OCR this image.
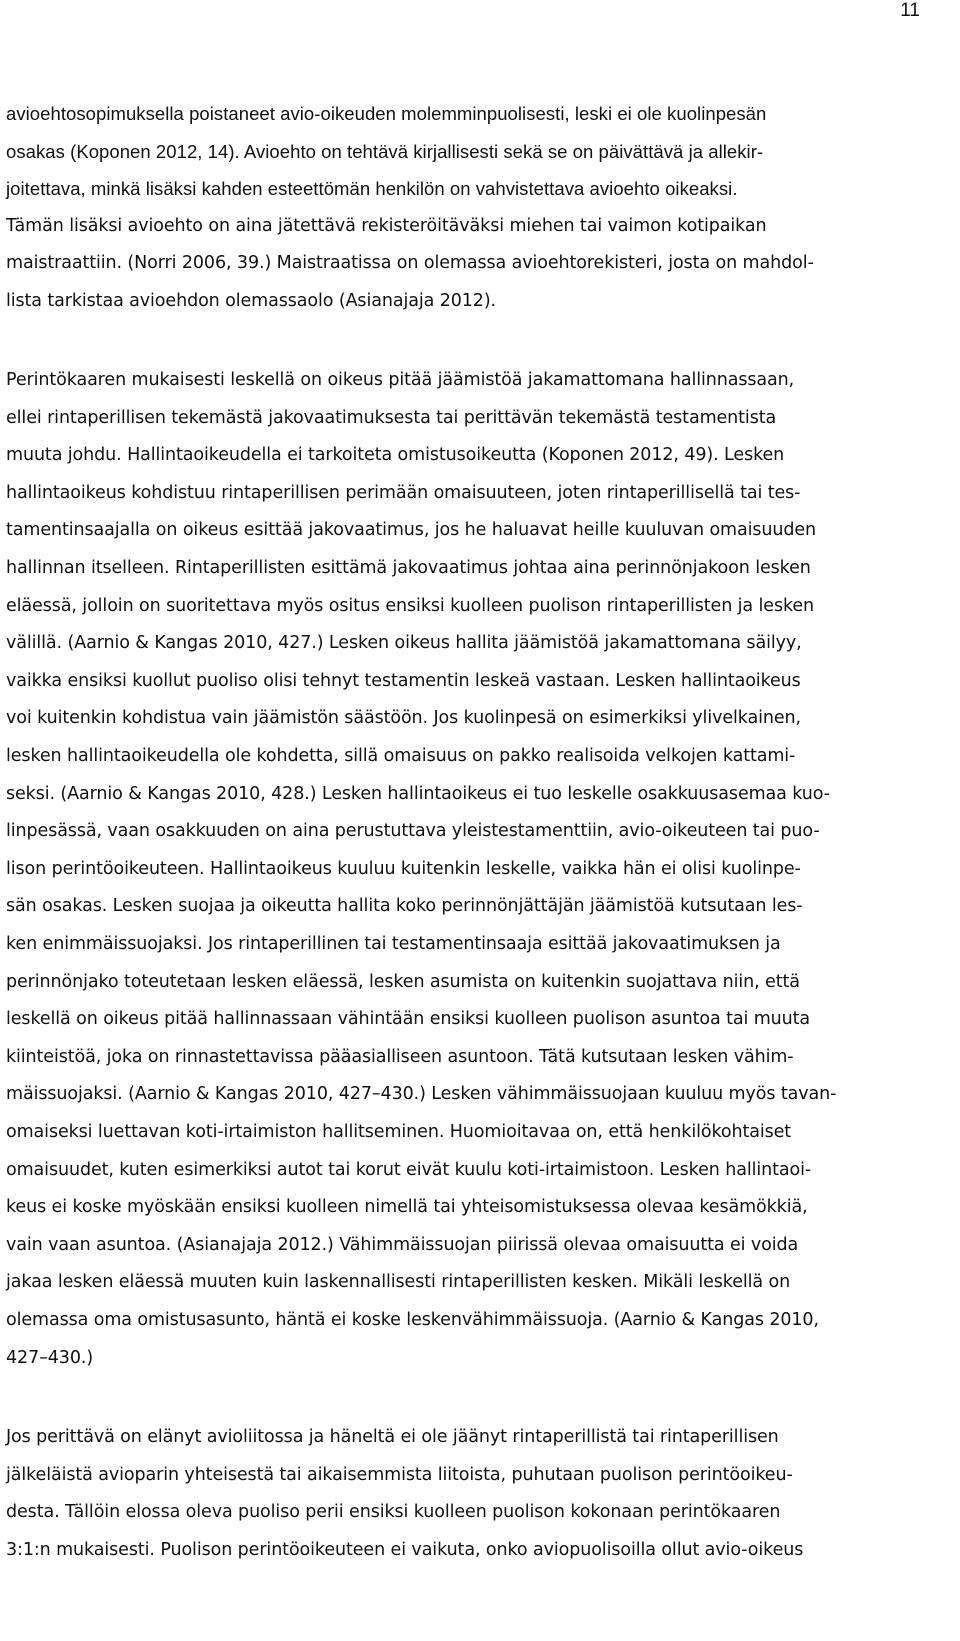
11
avioehtosopimuksella poistaneet avio-oikeuden molemminpuolisesti, leski ei ole kuolinpesän
osakas (Koponen 2012, 14). Avioehto on tehtävä kirjallisesti sekä se on päivättävä ja allekir-
joitettava, minkä lisäksi kahden esteettömän henkilön on vahvistettava avioehto oikeaksi.
Tämän lisäksi avioehto on aina jätettävä rekisteröitäväksi miehen tai vaimon kotipaikan
maistraattiin. (Norri 2006, 39.) Maistraatissa on olemassa avioehtorekisteri, josta on mahdol-
lista tarkistaa avioehdon olemassaolo (Asianajaja 2012).
Perintökaaren mukaisesti leskellä on oikeus pitää jäämistöä jakamattomana hallinnassaan,
ellei rintaperillisen tekemästä jakovaatimuksesta tai perittävän tekemästä testamentista
muuta johdu. Hallintaoikeudella ei tarkoiteta omistusoikeutta (Koponen 2012, 49). Lesken
hallintaoikeus kohdistuu rintaperillisen perimään omaisuuteen, joten rintaperillisellä tai tes-
tamentinsaajalla on oikeus esittää jakovaatimus, jos he haluavat heille kuuluvan omaisuuden
hallinnan itselleen. Rintaperillisten esittämä jakovaatimus johtaa aina perinnönjakoon lesken
eläessä, jolloin on suoritettava myös ositus ensiksi kuolleen puolison rintaperillisten ja lesken
välillä. (Aarnio & Kangas 2010, 427.) Lesken oikeus hallita jäämistöä jakamattomana säilyy,
vaikka ensiksi kuollut puoliso olisi tehnyt testamentin leskeä vastaan. Lesken hallintaoikeus
voi kuitenkin kohdistua vain jäämistön säästöön. Jos kuolinpesä on esimerkiksi ylivelkainen,
lesken hallintaoikeudella ole kohdetta, sillä omaisuus on pakko realisoida velkojen kattami-
seksi. (Aarnio & Kangas 2010, 428.) Lesken hallintaoikeus ei tuo leskelle osakkuusasemaa kuo-
linpesässä, vaan osakkuuden on aina perustuttava yleistestamenttiin, avio-oikeuteen tai puo-
lison perintöoikeuteen. Hallintaoikeus kuuluu kuitenkin leskelle, vaikka hän ei olisi kuolinpe-
sän osakas. Lesken suojaa ja oikeutta hallita koko perinnönjättäjän jäämistöä kutsutaan les-
ken enimmäissuojaksi. Jos rintaperillinen tai testamentinsaaja esittää jakovaatimuksen ja
perinnönjako toteutetaan lesken eläessä, lesken asumista on kuitenkin suojattava niin, että
leskellä on oikeus pitää hallinnassaan vähintään ensiksi kuolleen puolison asuntoa tai muuta
kiinteistöä, joka on rinnastettavissa pääasialliseen asuntoon. Tätä kutsutaan lesken vähim-
mäissuojaksi. (Aarnio & Kangas 2010, 427–430.) Lesken vähimmäissuojaan kuuluu myös tavan-
omaiseksi luettavan koti-irtaimiston hallitseminen. Huomioitavaa on, että henkilökohtaiset
omaisuudet, kuten esimerkiksi autot tai korut eivät kuulu koti-irtaimistoon. Lesken hallintaoi-
keus ei koske myöskään ensiksi kuolleen nimellä tai yhteisomistuksessa olevaa kesämökkiä,
vain vaan asuntoa. (Asianajaja 2012.) Vähimmäissuojan piirissä olevaa omaisuutta ei voida
jakaa lesken eläessä muuten kuin laskennallisesti rintaperillisten kesken. Mikäli leskellä on
olemassa oma omistusasunto, häntä ei koske leskenvähimmäissuoja. (Aarnio & Kangas 2010,
427–430.)
Jos perittävä on elänyt avioliitossa ja häneltä ei ole jäänyt rintaperillistä tai rintaperillisen
jälkeläistä avioparin yhteisestä tai aikaisemmista liitoista, puhutaan puolison perintöoikeu-
desta. Tällöin elossa oleva puoliso perii ensiksi kuolleen puolison kokonaan perintökaaren
3:1:n mukaisesti. Puolison perintöoikeuteen ei vaikuta, onko aviopuolisoilla ollut avio-oikeus
